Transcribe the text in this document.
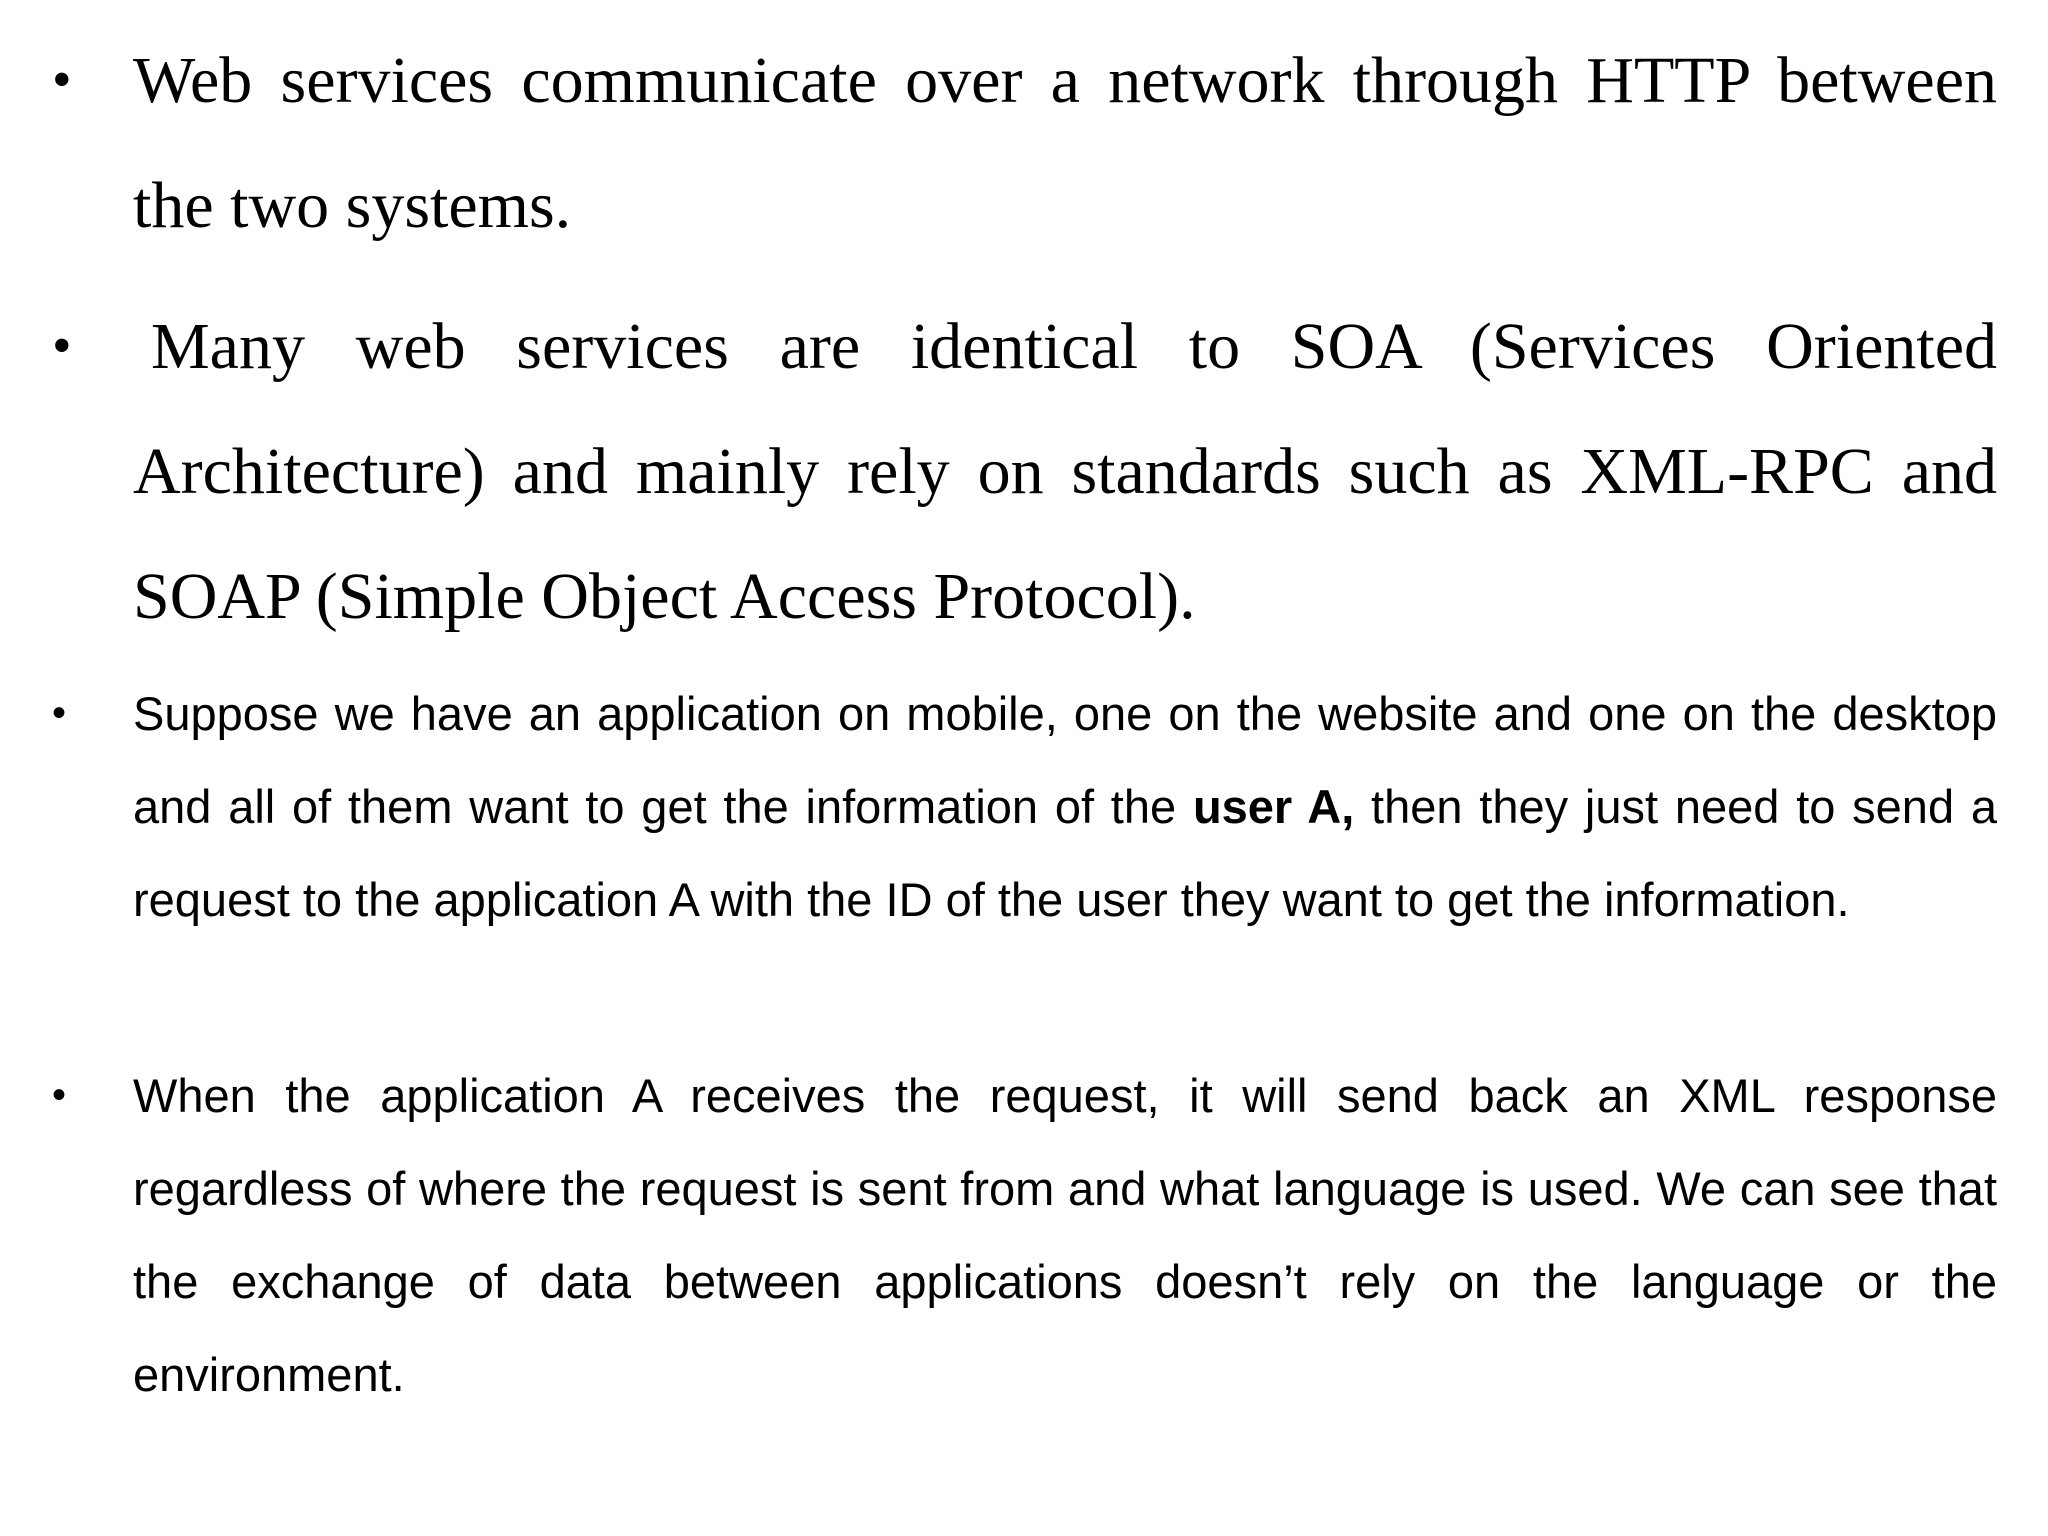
• Web services communicate over a network through HTTP between the two systems.

•	Many web services are identical to SOA (Services Oriented Architecture) and mainly rely on standards such as XML-RPC and SOAP (Simple Object Access Protocol).

•	Suppose we have an application on mobile, one on the website and one on the desktop and all of them want to get the information of the user A, then they just need to send a request to the application A with the ID of the user they want to get the information.

•	When the application A receives the request, it will send back an XML response regardless of where the request is sent from and what language is used. We can see that the exchange of data between applications doesn’t rely on the language or the environment.
